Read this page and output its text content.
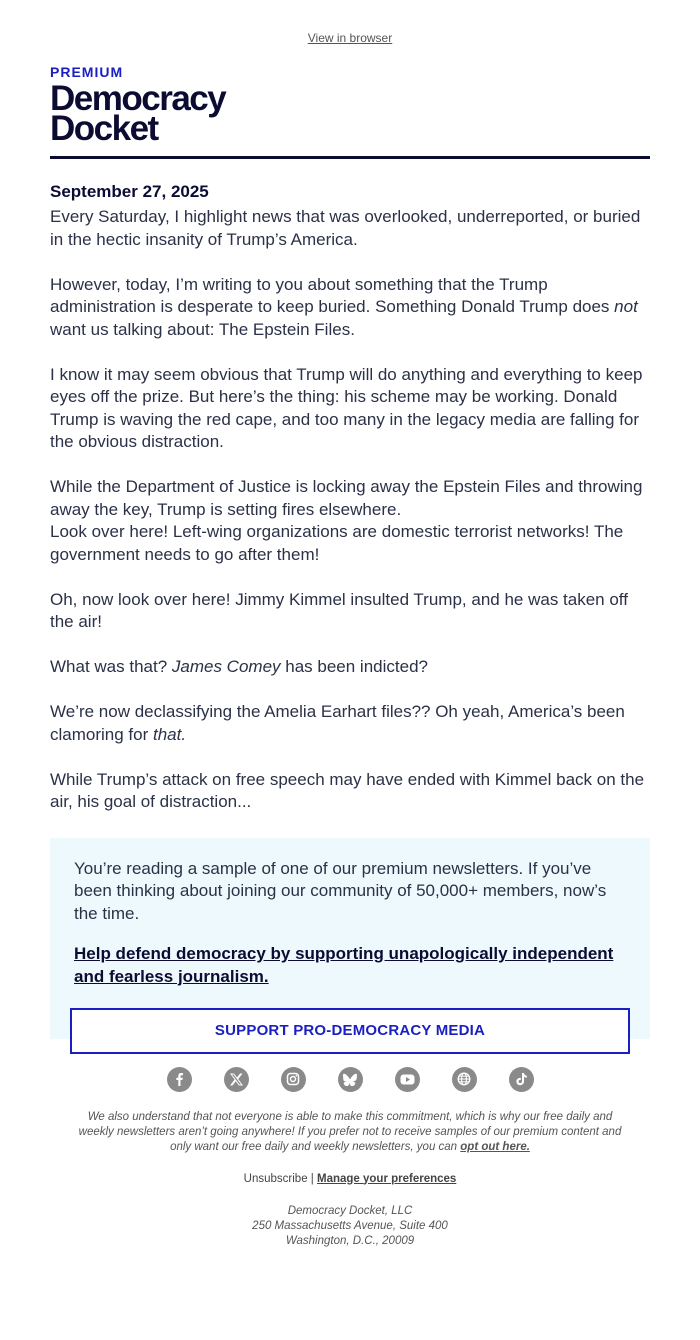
View in browser
PREMIUM
Democracy
Docket
September 27, 2025

Every Saturday, I highlight news that was overlooked, underreported, or buried in the hectic insanity of Trump’s America.

However, today, I’m writing to you about something that the Trump administration is desperate to keep buried. Something Donald Trump does not want us talking about: The Epstein Files.

I know it may seem obvious that Trump will do anything and everything to keep eyes off the prize. But here’s the thing: his scheme may be working. Donald Trump is waving the red cape, and too many in the legacy media are falling for the obvious distraction.

While the Department of Justice is locking away the Epstein Files and throwing away the key, Trump is setting fires elsewhere.
Look over here! Left-wing organizations are domestic terrorist networks! The government needs to go after them!

Oh, now look over here! Jimmy Kimmel insulted Trump, and he was taken off the air!

What was that? James Comey has been indicted?

We’re now declassifying the Amelia Earhart files?? Oh yeah, America’s been clamoring for that.

While Trump’s attack on free speech may have ended with Kimmel back on the air, his goal of distraction...

You’re reading a sample of one of our premium newsletters. If you’ve been thinking about joining our community of 50,000+ members, now’s the time.

Help defend democracy by supporting unapologically independent and fearless journalism.
SUPPORT PRO-DEMOCRACY MEDIA
We also understand that not everyone is able to make this commitment, which is why our free daily and weekly newsletters aren’t going anywhere! If you prefer not to receive samples of our premium content and only want our free daily and weekly newsletters, you can opt out here.
Unsubscribe | Manage your preferences
Democracy Docket, LLC
250 Massachusetts Avenue, Suite 400
Washington, D.C., 20009
